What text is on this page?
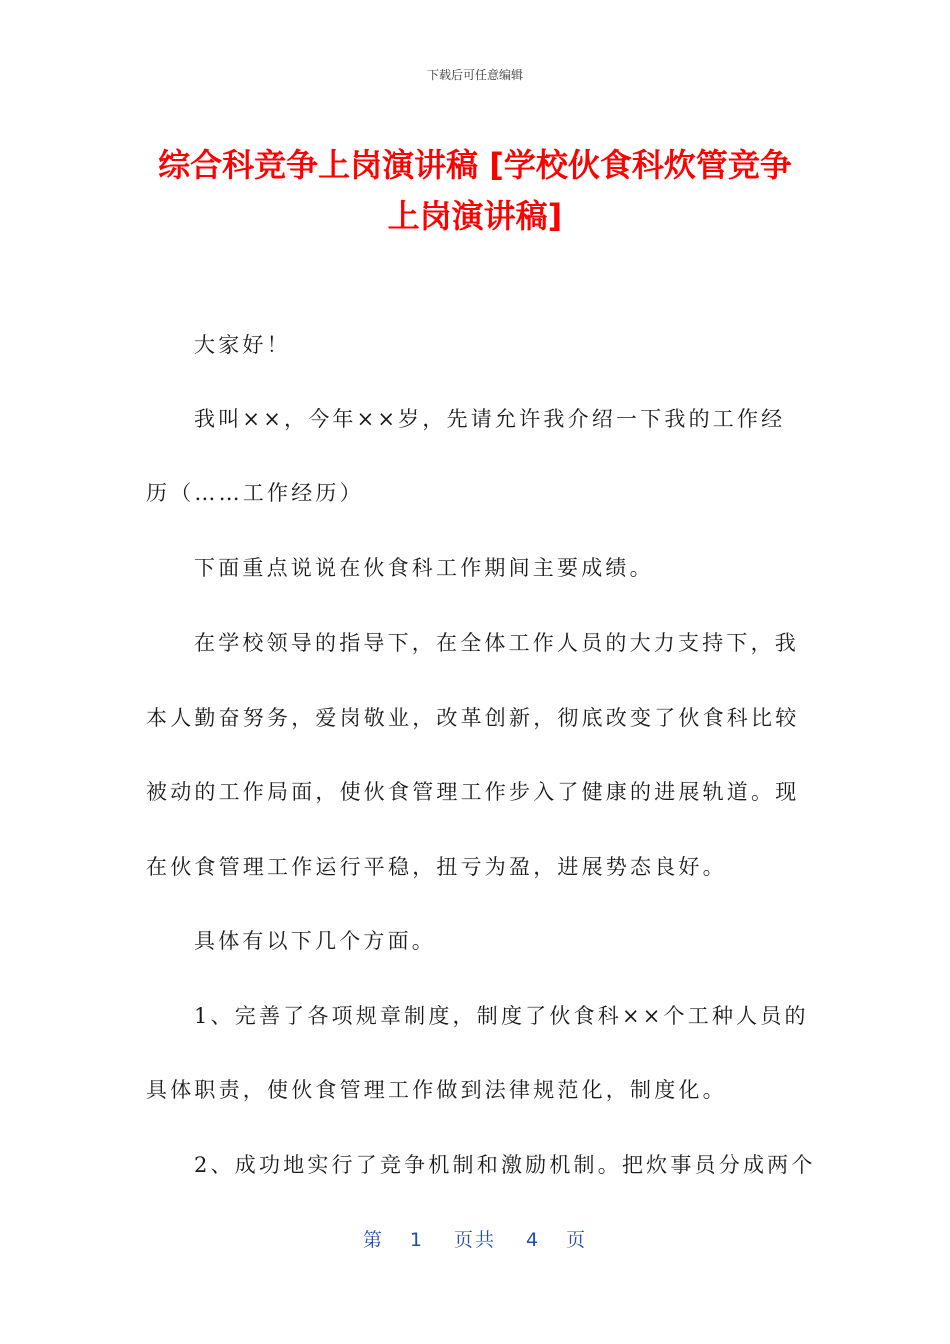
下载后可任意编辑
综合科竞争上岗演讲稿 [学校伙食科炊管竞争
上岗演讲稿]
大家好！
我叫××，今年××岁，先请允许我介绍一下我的工作经
历（……工作经历）
下面重点说说在伙食科工作期间主要成绩。
在学校领导的指导下，在全体工作人员的大力支持下，我
本人勤奋努务，爱岗敬业，改革创新，彻底改变了伙食科比较
被动的工作局面，使伙食管理工作步入了健康的进展轨道。现
在伙食管理工作运行平稳，扭亏为盈，进展势态良好。
具体有以下几个方面。
1、完善了各项规章制度，制度了伙食科××个工种人员的
具体职责，使伙食管理工作做到法律规范化，制度化。
2、成功地实行了竞争机制和激励机制。把炊事员分成两个
第 1 页共 4 页
